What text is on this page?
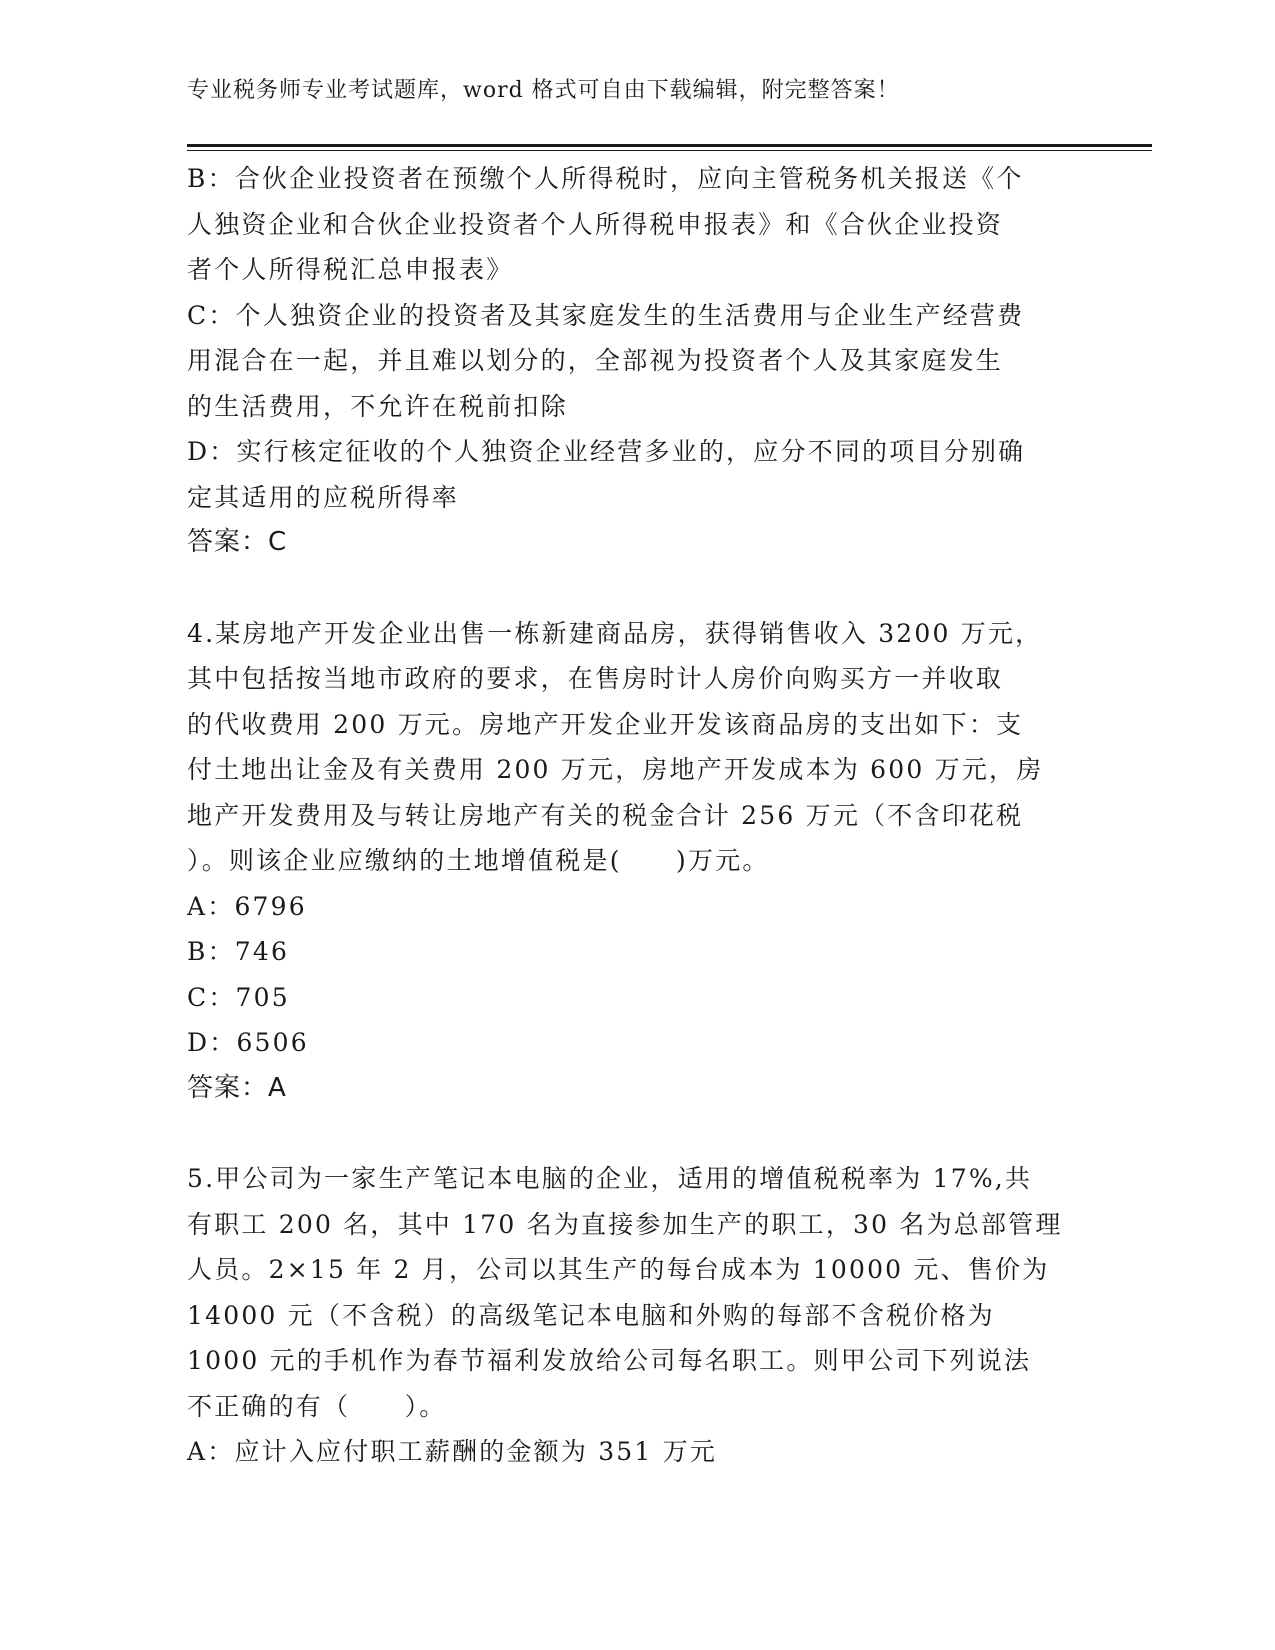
专业税务师专业考试题库，word 格式可自由下载编辑，附完整答案！

B：合伙企业投资者在预缴个人所得税时，应向主管税务机关报送《个

人独资企业和合伙企业投资者个人所得税申报表》和《合伙企业投资

者个人所得税汇总申报表》

C：个人独资企业的投资者及其家庭发生的生活费用与企业生产经营费

用混合在一起，并且难以划分的，全部视为投资者个人及其家庭发生

的生活费用，不允许在税前扣除

D：实行核定征收的个人独资企业经营多业的，应分不同的项目分别确

定其适用的应税所得率

答案：C

4.某房地产开发企业出售一栋新建商品房，获得销售收入 3200 万元，

其中包括按当地市政府的要求，在售房时计人房价向购买方一并收取

的代收费用 200 万元。房地产开发企业开发该商品房的支出如下：支

付土地出让金及有关费用 200 万元，房地产开发成本为 600 万元，房

地产开发费用及与转让房地产有关的税金合计 256 万元（不含印花税

）。则该企业应缴纳的土地增值税是(　　)万元。

A：6796

B：746

C：705

D：6506

答案：A

5.甲公司为一家生产笔记本电脑的企业，适用的增值税税率为 17%,共

有职工 200 名，其中 170 名为直接参加生产的职工，30 名为总部管理

人员。2×15 年 2 月，公司以其生产的每台成本为 10000 元、售价为

14000 元（不含税）的高级笔记本电脑和外购的每部不含税价格为

1000 元的手机作为春节福利发放给公司每名职工。则甲公司下列说法

不正确的有（　　）。

A：应计入应付职工薪酬的金额为 351 万元
